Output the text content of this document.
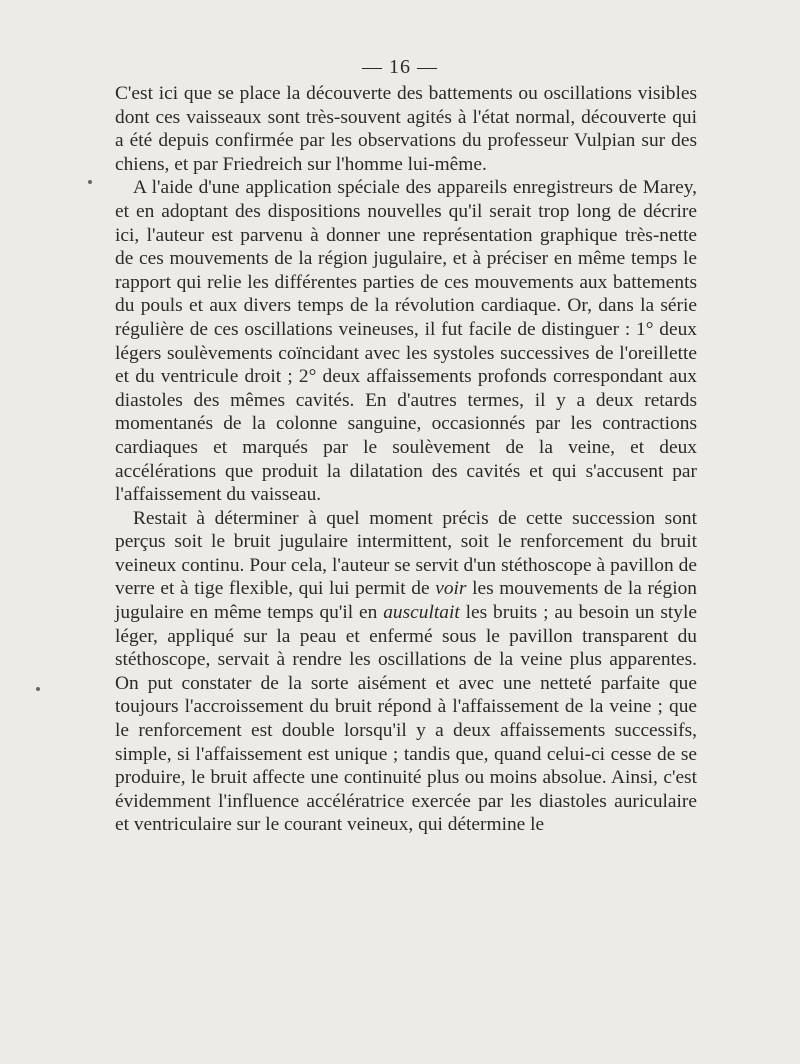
— 16 —

C'est ici que se place la découverte des battements ou oscillations visibles dont ces vaisseaux sont très-souvent agités à l'état normal, découverte qui a été depuis confirmée par les observations du professeur Vulpian sur des chiens, et par Friedreich sur l'homme lui-même.

A l'aide d'une application spéciale des appareils enregistreurs de Marey, et en adoptant des dispositions nouvelles qu'il serait trop long de décrire ici, l'auteur est parvenu à donner une représentation graphique très-nette de ces mouvements de la région jugulaire, et à préciser en même temps le rapport qui relie les différentes parties de ces mouvements aux battements du pouls et aux divers temps de la révolution cardiaque. Or, dans la série régulière de ces oscillations veineuses, il fut facile de distinguer : 1° deux légers soulèvements coïncidant avec les systoles successives de l'oreillette et du ventricule droit ; 2° deux affaissements profonds correspondant aux diastoles des mêmes cavités. En d'autres termes, il y a deux retards momentanés de la colonne sanguine, occasionnés par les contractions cardiaques et marqués par le soulèvement de la veine, et deux accélérations que produit la dilatation des cavités et qui s'accusent par l'affaissement du vaisseau.

Restait à déterminer à quel moment précis de cette succession sont perçus soit le bruit jugulaire intermittent, soit le renforcement du bruit veineux continu. Pour cela, l'auteur se servit d'un stéthoscope à pavillon de verre et à tige flexible, qui lui permit de voir les mouvements de la région jugulaire en même temps qu'il en auscultait les bruits ; au besoin un style léger, appliqué sur la peau et enfermé sous le pavillon transparent du stéthoscope, servait à rendre les oscillations de la veine plus apparentes. On put constater de la sorte aisément et avec une netteté parfaite que toujours l'accroissement du bruit répond à l'affaissement de la veine ; que le renforcement est double lorsqu'il y a deux affaissements successifs, simple, si l'affaissement est unique ; tandis que, quand celui-ci cesse de se produire, le bruit affecte une continuité plus ou moins absolue. Ainsi, c'est évidemment l'influence accélératrice exercée par les diastoles auriculaire et ventriculaire sur le courant veineux, qui détermine le
